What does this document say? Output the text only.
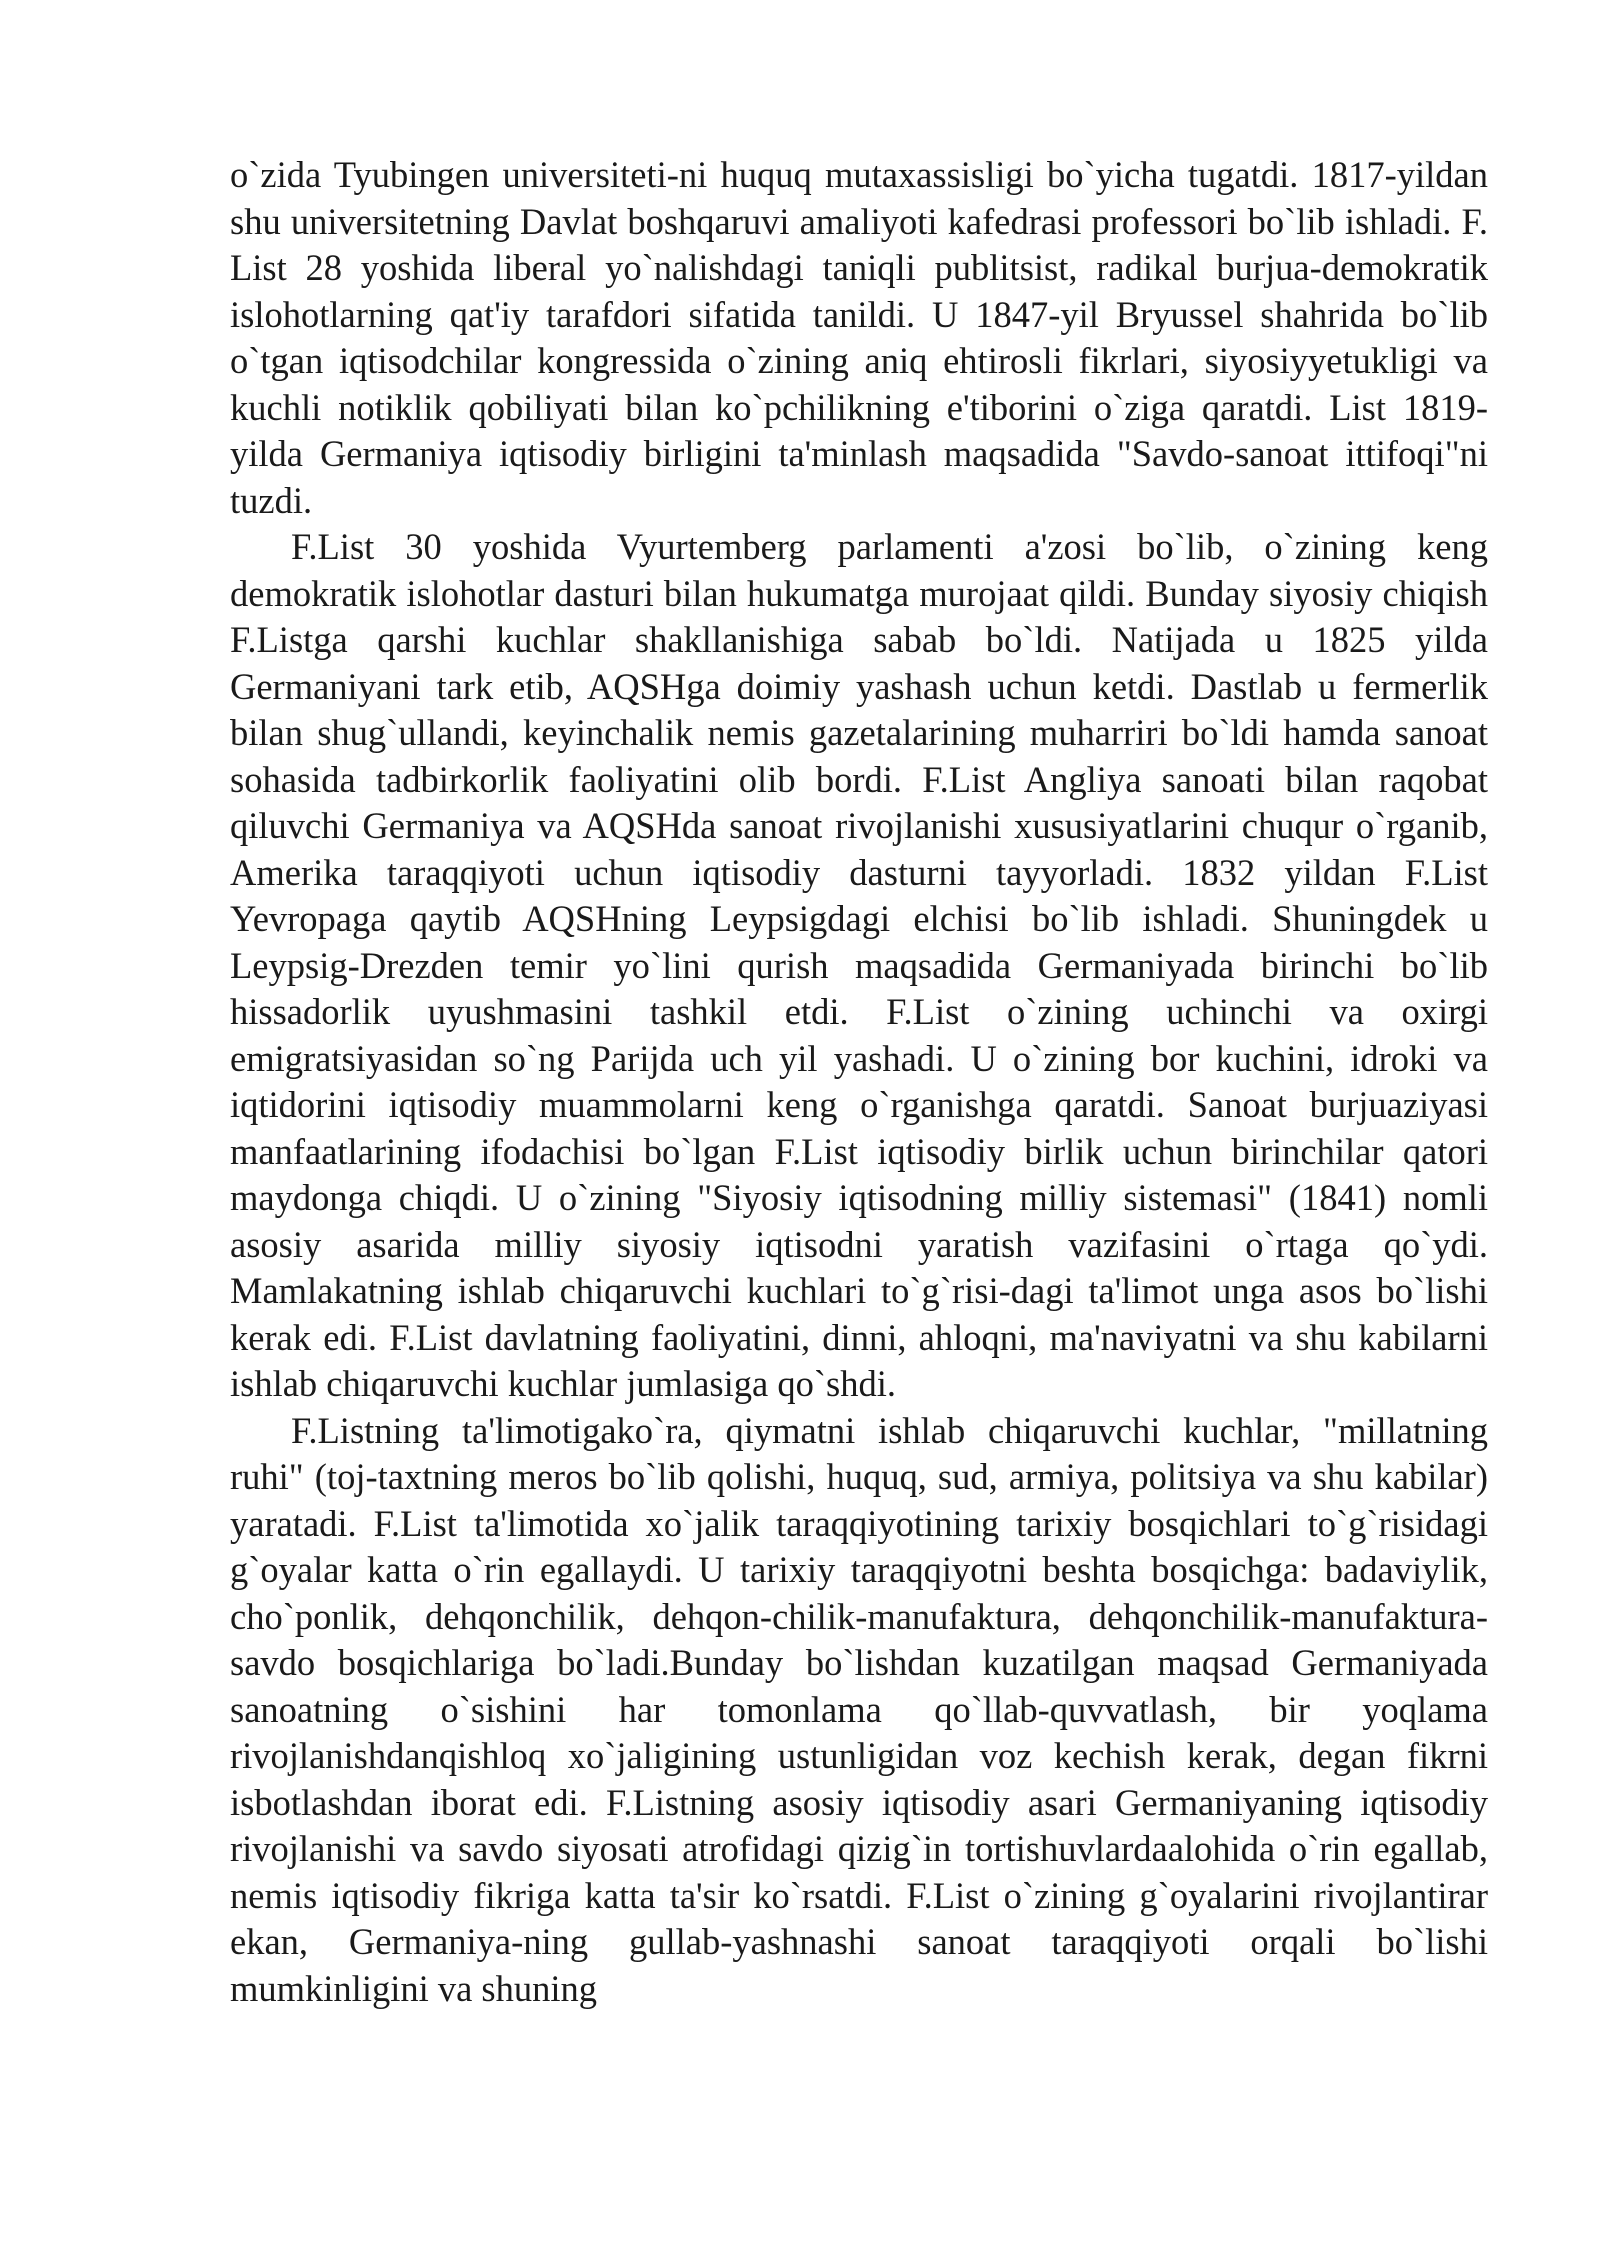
o`zida Tyubingen universiteti-ni huquq mutaxassisligi bo`yicha tugatdi. 1817-yildan shu universitetning Davlat boshqaruvi amaliyoti kafedrasi professori bo`lib ishladi. F. List 28 yoshida liberal yo`nalishdagi taniqli publitsist, radikal burjua-demokratik islohotlarning qat'iy tarafdori sifatida tanildi. U 1847-yil Bryussel shahrida bo`lib o`tgan iqtisodchilar kongressida o`zining aniq ehtirosli fikrlari, siyosiyyetukligi va kuchli notiklik qobiliyati bilan ko`pchilikning e'tiborini o`ziga qaratdi. List 1819-yilda Germaniya iqtisodiy birligini ta'minlash maqsadida "Savdo-sanoat ittifoqi"ni tuzdi.

F.List 30 yoshida Vyurtemberg parlamenti a'zosi bo`lib, o`zining keng demokratik islohotlar dasturi bilan hukumatga murojaat qildi. Bunday siyosiy chiqish F.Listga qarshi kuchlar shakllanishiga sabab bo`ldi. Natijada u 1825 yilda Germaniyani tark etib, AQSHga doimiy yashash uchun ketdi. Dastlab u fermerlik bilan shug`ullandi, keyinchalik nemis gazetalarining muharriri bo`ldi hamda sanoat sohasida tadbirkorlik faoliyatini olib bordi. F.List Angliya sanoati bilan raqobat qiluvchi Germaniya va AQSHda sanoat rivojlanishi xususiyatlarini chuqur o`rganib, Amerika taraqqiyoti uchun iqtisodiy dasturni tayyorladi. 1832 yildan F.List Yevropaga qaytib AQSHning Leypsigdagi elchisi bo`lib ishladi. Shuningdek u Leypsig-Drezden temir yo`lini qurish maqsadida Germaniyada birinchi bo`lib hissadorlik uyushmasini tashkil etdi. F.List o`zining uchinchi va oxirgi emigratsiyasidan so`ng Parijda uch yil yashadi. U o`zining bor kuchini, idroki va iqtidorini iqtisodiy muammolarni keng o`rganishga qaratdi. Sanoat burjuaziyasi manfaatlarining ifodachisi bo`lgan F.List iqtisodiy birlik uchun birinchilar qatori maydonga chiqdi. U o`zining "Siyosiy iqtisodning milliy sistemasi" (1841) nomli asosiy asarida milliy siyosiy iqtisodni yaratish vazifasini o`rtaga qo`ydi. Mamlakatning ishlab chiqaruvchi kuchlari to`g`risi-dagi ta'limot unga asos bo`lishi kerak edi. F.List davlatning faoliyatini, dinni, ahloqni, ma'naviyatni va shu kabilarni ishlab chiqaruvchi kuchlar jumlasiga qo`shdi.

F.Listning ta'limotigako`ra, qiymatni ishlab chiqaruvchi kuchlar, "millatning ruhi" (toj-taxtning meros bo`lib qolishi, huquq, sud, armiya, politsiya va shu kabilar) yaratadi. F.List ta'limotida xo`jalik taraqqiyotining tarixiy bosqichlari to`g`risidagi g`oyalar katta o`rin egallaydi. U tarixiy taraqqiyotni beshta bosqichga: badaviylik, cho`ponlik, dehqonchilik, dehqon-chilik-manufaktura, dehqonchilik-manufaktura-savdo bosqichlariga bo`ladi.Bunday bo`lishdan kuzatilgan maqsad Germaniyada sanoatning o`sishini har tomonlama qo`llab-quvvatlash, bir yoqlama rivojlanishdanqishloq xo`jaligining ustunligidan voz kechish kerak, degan fikrni isbotlashdan iborat edi. F.Listning asosiy iqtisodiy asari Germaniyaning iqtisodiy rivojlanishi va savdo siyosati atrofidagi qizig`in tortishuvlardaalohida o`rin egallab, nemis iqtisodiy fikriga katta ta'sir ko`rsatdi. F.List o`zining g`oyalarini rivojlantirar ekan, Germaniya-ning gullab-yashnashi sanoat taraqqiyoti orqali bo`lishi mumkinligini va shuning
